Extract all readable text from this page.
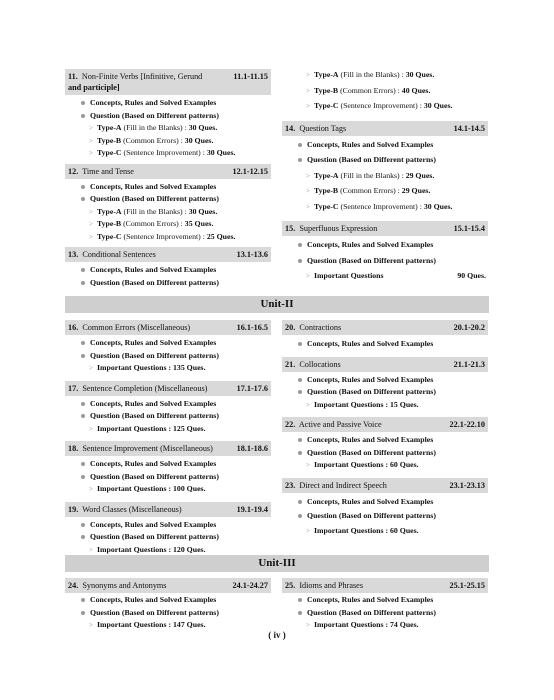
11. Non-Finite Verbs [Infinitive, Gerund
and participle]
11.1-11.15
Concepts, Rules and Solved Examples
Question (Based on Different patterns)
> Type-A (Fill in the Blanks) : 30 Ques.
> Type-B (Common Errors) : 30 Ques.
> Type-C (Sentence Improvement) : 30 Ques.
12. Time and Tense	12.1-12.15
Concepts, Rules and Solved Examples
Question (Based on Different patterns)
> Type-A (Fill in the Blanks) : 30 Ques.
> Type-B (Common Errors) : 35 Ques.
> Type-C (Sentence Improvement) : 25 Ques.
13. Conditional Sentences	13.1-13.6
Concepts, Rules and Solved Examples
Question (Based on Different patterns)
> Type-A (Fill in the Blanks) : 30 Ques.
> Type-B (Common Errors) : 40 Ques.
> Type-C (Sentence Improvement) : 30 Ques.
14. Question Tags	14.1-14.5
Concepts, Rules and Solved Examples
Question (Based on Different patterns)
> Type-A (Fill in the Blanks) : 29 Ques.
> Type-B (Common Errors) : 29 Ques.
> Type-C (Sentence Improvement) : 30 Ques.
15. Superfluous Expression	15.1-15.4
Concepts, Rules and Solved Examples
Question (Based on Different patterns)
> Important Questions	90 Ques.
Unit-II
16. Common Errors (Miscellaneous)	16.1-16.5
Concepts, Rules and Solved Examples
Question (Based on Different patterns)
> Important Questions : 135 Ques.
17. Sentence Completion (Miscellaneous)	17.1-17.6
Concepts, Rules and Solved Examples
Question (Based on Different patterns)
> Important Questions : 125 Ques.
18. Sentence Improvement (Miscellaneous)	18.1-18.6
Concepts, Rules and Solved Examples
Question (Based on Different patterns)
> Important Questions : 100 Ques.
19. Word Classes (Miscellaneous)	19.1-19.4
Concepts, Rules and Solved Examples
Question (Based on Different patterns)
> Important Questions : 120 Ques.
20. Contractions	20.1-20.2
Concepts, Rules and Solved Examples
21. Collocations	21.1-21.3
Concepts, Rules and Solved Examples
Question (Based on Different patterns)
> Important Questions : 15 Ques.
22. Active and Passive Voice	22.1-22.10
Concepts, Rules and Solved Examples
Question (Based on Different patterns)
> Important Questions : 60 Ques.
23. Direct and Indirect Speech	23.1-23.13
Concepts, Rules and Solved Examples
Question (Based on Different patterns)
> Important Questions : 60 Ques.
Unit-III
24. Synonyms and Antonyms	24.1-24.27
Concepts, Rules and Solved Examples
Question (Based on Different patterns)
> Important Questions : 147 Ques.
25. Idioms and Phrases	25.1-25.15
Concepts, Rules and Solved Examples
Question (Based on Different patterns)
> Important Questions : 74 Ques.
( iv )
